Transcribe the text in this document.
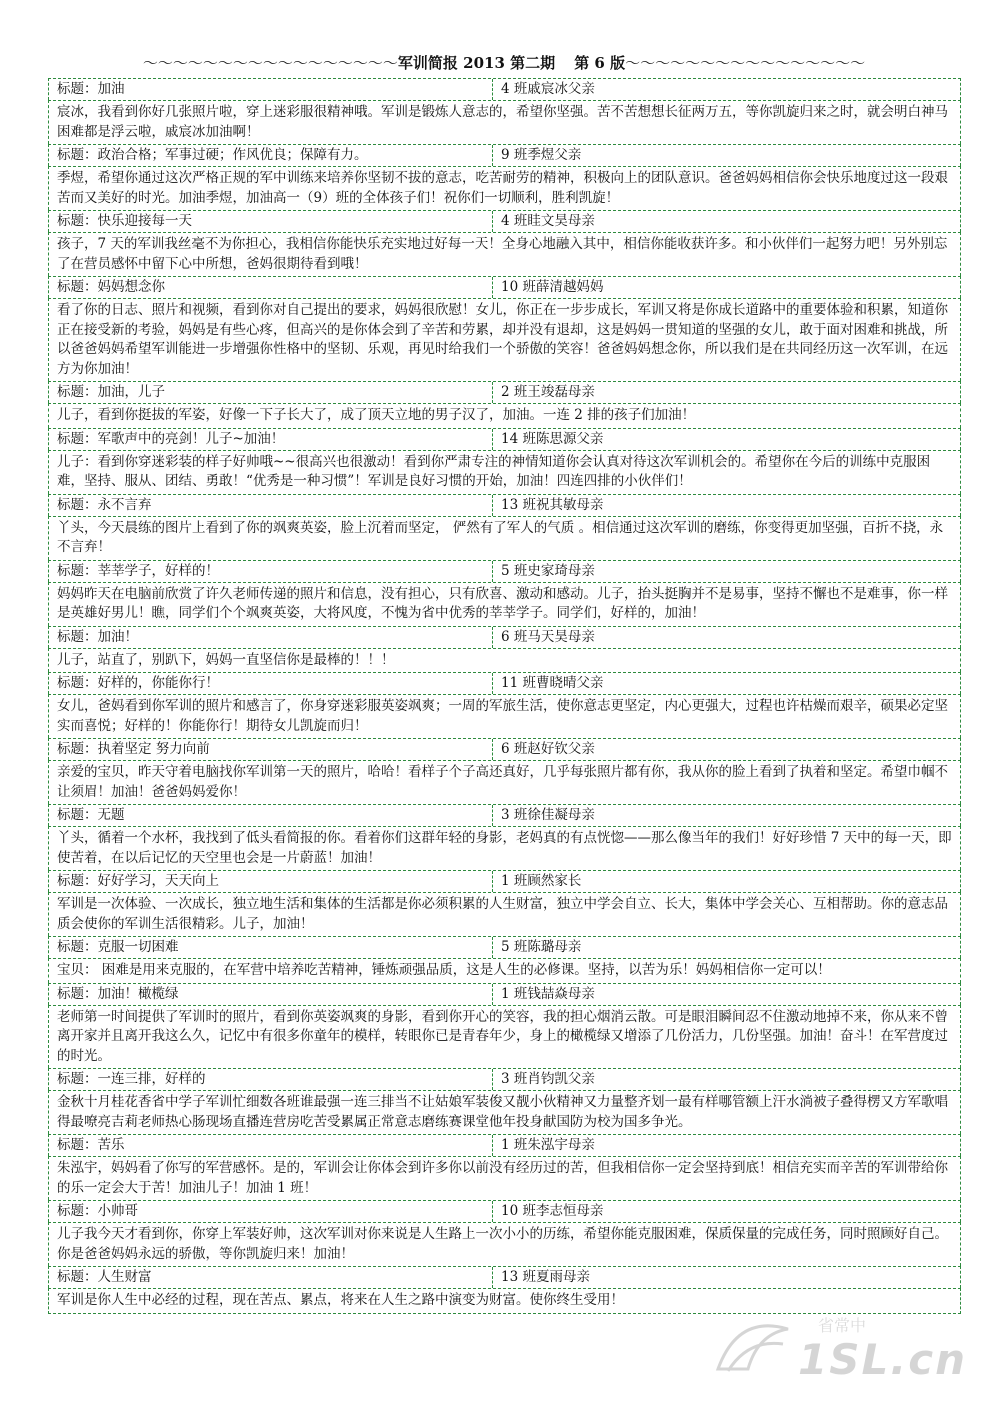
～～～～～～～～～～～～～～～～～军训简报 2013 第二期 第 6 版～～～～～～～～～～～～～～～～
标题：加油	4 班戚宸冰父亲
宸冰，我看到你好几张照片啦，穿上迷彩服很精神哦。军训是锻炼人意志的，希望你坚强。苦不苦想想长征两万五，等你凯旋归来之时，就会明白神马困难都是浮云啦，戚宸冰加油啊！
标题：政治合格；军事过硬；作风优良；保障有力。	9 班季煜父亲
季煜，希望你通过这次严格正规的军中训练来培养你坚韧不拔的意志，吃苦耐劳的精神，积极向上的团队意识。爸爸妈妈相信你会快乐地度过这一段艰苦而又美好的时光。加油季煜，加油高一（9）班的全体孩子们！祝你们一切顺利，胜利凯旋！
标题：快乐迎接每一天	4 班眭文昊母亲
孩子，7 天的军训我丝毫不为你担心，我相信你能快乐充实地过好每一天！全身心地融入其中，相信你能收获许多。和小伙伴们一起努力吧！另外别忘了在营员感怀中留下心中所想，爸妈很期待看到哦！
标题：妈妈想念你	10 班薛清越妈妈
看了你的日志、照片和视频，看到你对自己提出的要求，妈妈很欣慰！女儿，你正在一步步成长，军训又将是你成长道路中的重要体验和积累，知道你正在接受新的考验，妈妈是有些心疼，但高兴的是你体会到了辛苦和劳累，却并没有退却，这是妈妈一贯知道的坚强的女儿，敢于面对困难和挑战，所以爸爸妈妈希望军训能进一步增强你性格中的坚韧、乐观，再见时给我们一个骄傲的笑容！爸爸妈妈想念你，所以我们是在共同经历这一次军训，在远方为你加油！
标题：加油，儿子	2 班王竣磊母亲
儿子，看到你挺拔的军姿，好像一下子长大了，成了顶天立地的男子汉了，加油。一连 2 排的孩子们加油！
标题：军歌声中的亮剑！儿子~加油！	14 班陈思源父亲
儿子：看到你穿迷彩装的样子好帅哦~~很高兴也很激动！看到你严肃专注的神情知道你会认真对待这次军训机会的。希望你在今后的训练中克服困难，坚持、服从、团结、勇敢！“优秀是一种习惯”！军训是良好习惯的开始，加油！四连四排的小伙伴们！
标题：永不言弃	13 班祝其敏母亲
丫头，今天晨练的图片上看到了你的飒爽英姿，脸上沉着而坚定， 俨然有了军人的气质 。相信通过这次军训的磨练，你变得更加坚强，百折不挠，永不言弃！
标题：莘莘学子，好样的！	5 班史家琦母亲
妈妈昨天在电脑前欣赏了许久老师传递的照片和信息，没有担心，只有欣喜、激动和感动。儿子，抬头挺胸并不是易事，坚持不懈也不是难事，你一样是英雄好男儿！瞧，同学们个个飒爽英姿，大将风度，不愧为省中优秀的莘莘学子。同学们，好样的，加油！
标题：加油！	6 班马天昊母亲
儿子，站直了，别趴下，妈妈一直坚信你是最棒的！！！
标题：好样的，你能你行！	11 班曹晓晴父亲
女儿，爸妈看到你军训的照片和感言了，你身穿迷彩服英姿飒爽；一周的军旅生活，使你意志更坚定，内心更强大，过程也许枯燥而艰辛，硕果必定坚实而喜悦；好样的！你能你行！期待女儿凯旋而归！
标题：执着坚定 努力向前	6 班赵好钦父亲
亲爱的宝贝，昨天守着电脑找你军训第一天的照片，哈哈！看样子个子高还真好，几乎每张照片都有你，我从你的脸上看到了执着和坚定。希望巾帼不让须眉！加油！爸爸妈妈爱你！
标题：无题	3 班徐佳凝母亲
丫头，循着一个水杯，我找到了低头看简报的你。看着你们这群年轻的身影，老妈真的有点恍惚——那么像当年的我们！好好珍惜 7 天中的每一天，即使苦着，在以后记忆的天空里也会是一片蔚蓝！加油！
标题：好好学习，天天向上	1 班顾然家长
军训是一次体验、一次成长，独立地生活和集体的生活都是你必须积累的人生财富，独立中学会自立、长大，集体中学会关心、互相帮助。你的意志品质会使你的军训生活很精彩。儿子，加油！
标题：克服一切困难	5 班陈璐母亲
宝贝： 困难是用来克服的，在军营中培养吃苦精神，锤炼顽强品质，这是人生的必修课。坚持，以苦为乐！妈妈相信你一定可以！
标题：加油！橄榄绿	1 班钱喆焱母亲
老师第一时间提供了军训时的照片，看到你英姿飒爽的身影，看到你开心的笑容，我的担心烟消云散。可是眼泪瞬间忍不住激动地掉不来，你从来不曾离开家并且离开我这么久，记忆中有很多你童年的模样，转眼你已是青春年少，身上的橄榄绿又增添了几份活力，几份坚强。加油！奋斗！在军营度过的时光。
标题：一连三排，好样的	3 班肖钧凯父亲
金秋十月桂花香省中学子军训忙细数各班谁最强一连三排当不让姑娘军装俊又靓小伙精神又力量整齐划一最有样哪管额上汗水淌被子叠得楞又方军歌唱得最嘹亮吉莉老师热心肠现场直播连营房吃苦受累属正常意志磨练赛课堂他年投身献国防为校为国多争光。
标题：苦乐	1 班朱泓宇母亲
朱泓宇，妈妈看了你写的军营感怀。是的，军训会让你体会到许多你以前没有经历过的苦，但我相信你一定会坚持到底！相信充实而辛苦的军训带给你的乐一定会大于苦！加油儿子！加油 1 班！
标题：小帅哥	10 班李志恒母亲
儿子我今天才看到你，你穿上军装好帅，这次军训对你来说是人生路上一次小小的历练，希望你能克服困难，保质保量的完成任务，同时照顾好自己。你是爸爸妈妈永远的骄傲，等你凯旋归来！加油！
标题：人生财富	13 班夏雨母亲
军训是你人生中必经的过程，现在苦点、累点，将来在人生之路中演变为财富。使你终生受用！
省常中
1SL.cn
